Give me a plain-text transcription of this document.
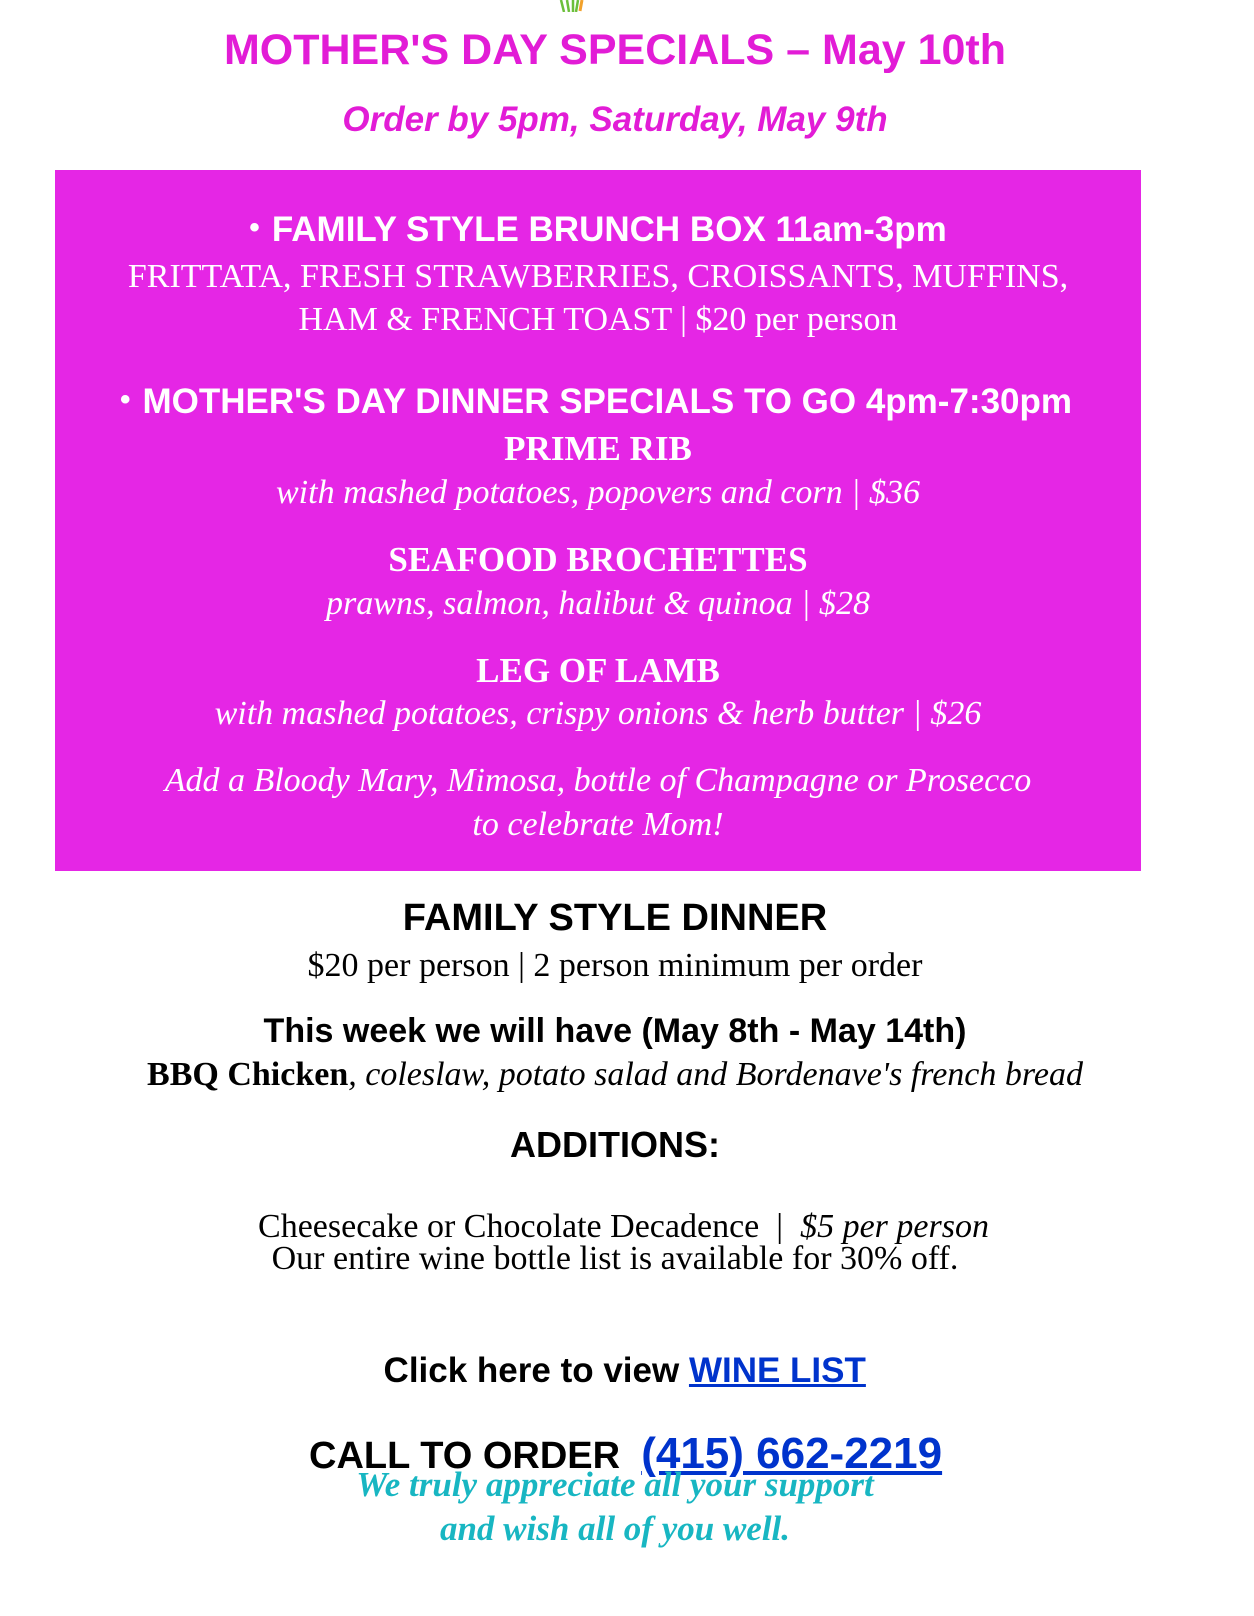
MOTHER'S DAY SPECIALS – May 10th
Order by 5pm, Saturday, May 9th
• FAMILY STYLE BRUNCH BOX 11am-3pm
FRITTATA, FRESH STRAWBERRIES, CROISSANTS, MUFFINS,
HAM & FRENCH TOAST | $20 per person
• MOTHER'S DAY DINNER SPECIALS TO GO 4pm-7:30pm
PRIME RIB
with mashed potatoes, popovers and corn | $36
SEAFOOD BROCHETTES
prawns, salmon, halibut & quinoa | $28
LEG OF LAMB
with mashed potatoes, crispy onions & herb butter | $26
Add a Bloody Mary, Mimosa, bottle of Champagne or Prosecco
to celebrate Mom!
FAMILY STYLE DINNER
$20 per person | 2 person minimum per order
This week we will have (May 8th - May 14th)
BBQ Chicken, coleslaw, potato salad and Bordenave's french bread
ADDITIONS:

Cheesecake or Chocolate Decadence  |  $5 per person

Our entire wine bottle list is available for 30% off.

Click here to view WINE LIST

CALL TO ORDER  (415) 662-2219

We truly appreciate all your support
and wish all of you well.
